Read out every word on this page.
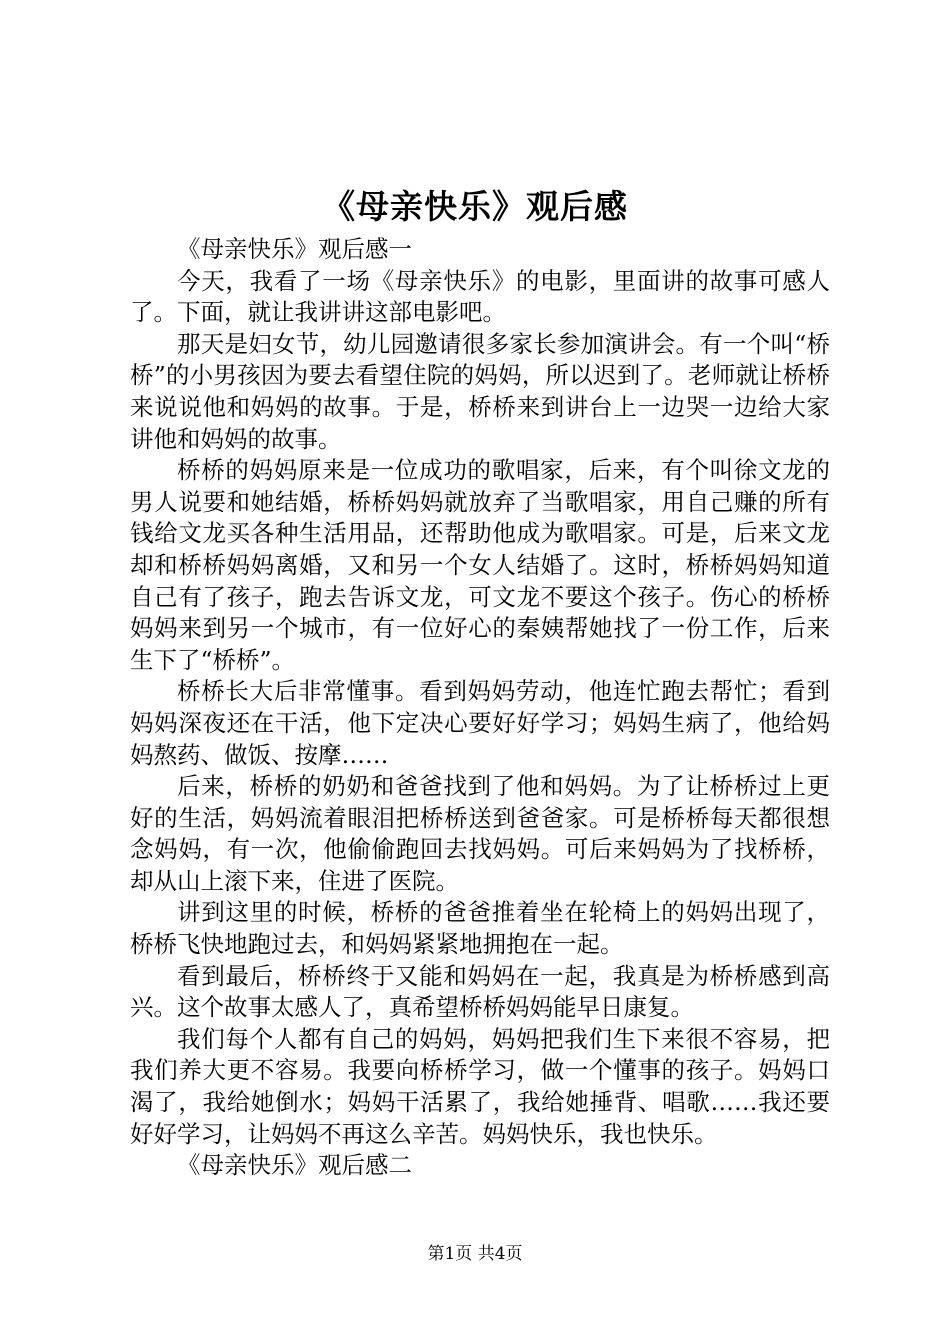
《母亲快乐》观后感

《母亲快乐》观后感一

今天，我看了一场《母亲快乐》的电影，里面讲的故事可感人了。下面，就让我讲讲这部电影吧。

那天是妇女节，幼儿园邀请很多家长参加演讲会。有一个叫“桥桥”的小男孩因为要去看望住院的妈妈，所以迟到了。老师就让桥桥来说说他和妈妈的故事。于是，桥桥来到讲台上一边哭一边给大家讲他和妈妈的故事。

桥桥的妈妈原来是一位成功的歌唱家，后来，有个叫徐文龙的男人说要和她结婚，桥桥妈妈就放弃了当歌唱家，用自己赚的所有钱给文龙买各种生活用品，还帮助他成为歌唱家。可是，后来文龙却和桥桥妈妈离婚，又和另一个女人结婚了。这时，桥桥妈妈知道自己有了孩子，跑去告诉文龙，可文龙不要这个孩子。伤心的桥桥妈妈来到另一个城市，有一位好心的秦姨帮她找了一份工作，后来生下了“桥桥”。

桥桥长大后非常懂事。看到妈妈劳动，他连忙跑去帮忙；看到妈妈深夜还在干活，他下定决心要好好学习；妈妈生病了，他给妈妈熬药、做饭、按摩……

后来，桥桥的奶奶和爸爸找到了他和妈妈。为了让桥桥过上更好的生活，妈妈流着眼泪把桥桥送到爸爸家。可是桥桥每天都很想念妈妈，有一次，他偷偷跑回去找妈妈。可后来妈妈为了找桥桥，却从山上滚下来，住进了医院。

讲到这里的时候，桥桥的爸爸推着坐在轮椅上的妈妈出现了，桥桥飞快地跑过去，和妈妈紧紧地拥抱在一起。

看到最后，桥桥终于又能和妈妈在一起，我真是为桥桥感到高兴。这个故事太感人了，真希望桥桥妈妈能早日康复。

我们每个人都有自己的妈妈，妈妈把我们生下来很不容易，把我们养大更不容易。我要向桥桥学习，做一个懂事的孩子。妈妈口渴了，我给她倒水；妈妈干活累了，我给她捶背、唱歌……我还要好好学习，让妈妈不再这么辛苦。妈妈快乐，我也快乐。

《母亲快乐》观后感二

第1页 共4页
